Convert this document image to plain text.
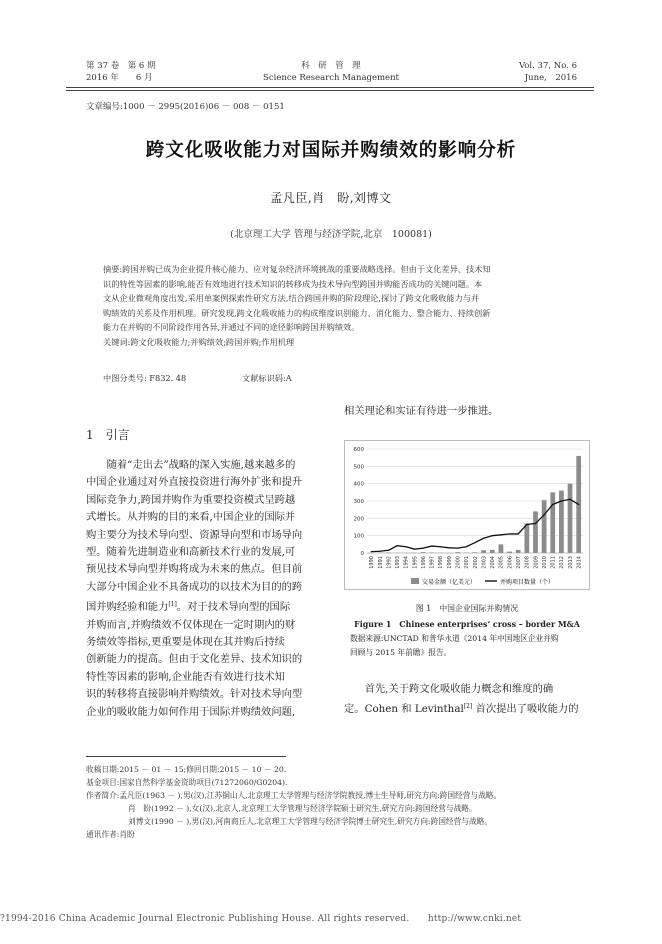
第 37 卷　第 6 期
2016 年　　6 月
科　研　管　理
Science Research Management
Vol. 37, No. 6
June,　2016
文章编号:1000 － 2995(2016)06 － 008 － 0151
跨文化吸收能力对国际并购绩效的影响分析
孟凡臣,肖　盼,刘博文
(北京理工大学 管理与经济学院,北京　100081)
摘要:跨国并购已成为企业提升核心能力、应对复杂经济环境挑战的重要战略选择。但由于文化差异、技术知
识的特性等因素的影响,能否有效地进行技术知识的转移成为技术导向型跨国并购能否成功的关键问题。本
文从企业微观角度出发,采用单案例探索性研究方法,结合跨国并购的阶段理论,探讨了跨文化吸收能力与并
购绩效的关系及作用机理。研究发现,跨文化吸收能力的构成维度识别能力、消化能力、整合能力、持续创新
能力在并购的不同阶段作用各异,并通过不同的途径影响跨国并购绩效。
关键词:跨文化吸收能力;并购绩效;跨国并购;作用机理
中图分类号: F832. 48	文献标识码:A
1　引言
　　随着“走出去”战略的深入实施,越来越多的
中国企业通过对外直接投资进行海外扩张和提升
国际竞争力,跨国并购作为重要投资模式呈跨越
式增长。从并购的目的来看,中国企业的国际并
购主要分为技术导向型、资源导向型和市场导向
型。随着先进制造业和高新技术行业的发展,可
预见技术导向型并购将成为未来的焦点。但目前
大部分中国企业不具备成功的以技术为目的的跨
国并购经验和能力[1]。对于技术导向型的国际
并购而言,并购绩效不仅体现在一定时期内的财
务绩效等指标,更重要是体现在其并购后持续
创新能力的提高。但由于文化差异、技术知识的
特性等因素的影响,企业能否有效进行技术知
识的转移将直接影响并购绩效。针对技术导向型
企业的吸收能力如何作用于国际并购绩效问题,
相关理论和实证有待进一步推进。
0
100
200
300
400
500
600
1990 1991 1992 1993 1994 1995 1996 1997 1998 1999 2000 2001 2002 2003 2004 2005 2006 2007 2008 2009 2010 2011 2012 2013 2014
交易金额（亿美元）	并购项目数量（个）
图 1　中国企业国际并购情况
Figure 1　Chinese enterprises’ cross – border M&A
数据来源:UNCTAD 和普华永道《2014 年中国地区企业并购
回顾与 2015 年前瞻》报告。
　　首先,关于跨文化吸收能力概念和维度的确
定。Cohen 和 Levinthal[2] 首次提出了吸收能力的
收稿日期:2015 － 01 － 15;修回日期:2015 － 10 － 20.
基金项目:国家自然科学基金资助项目(71272060/G0204).
作者简介:孟凡臣(1963 － ),男(汉),江苏铜山人,北京理工大学管理与经济学院教授,博士生导师,研究方向:跨国经营与战略。
肖　盼(1992 － ),女(汉),北京人,北京理工大学管理与经济学院硕士研究生,研究方向:跨国经营与战略。
刘博文(1990 － ),男(汉),河南商丘人,北京理工大学管理与经济学院博士研究生,研究方向:跨国经营与战略。
通讯作者:肖盼
?1994-2016 China Academic Journal Electronic Publishing House. All rights reserved.　　http://www.cnki.net
